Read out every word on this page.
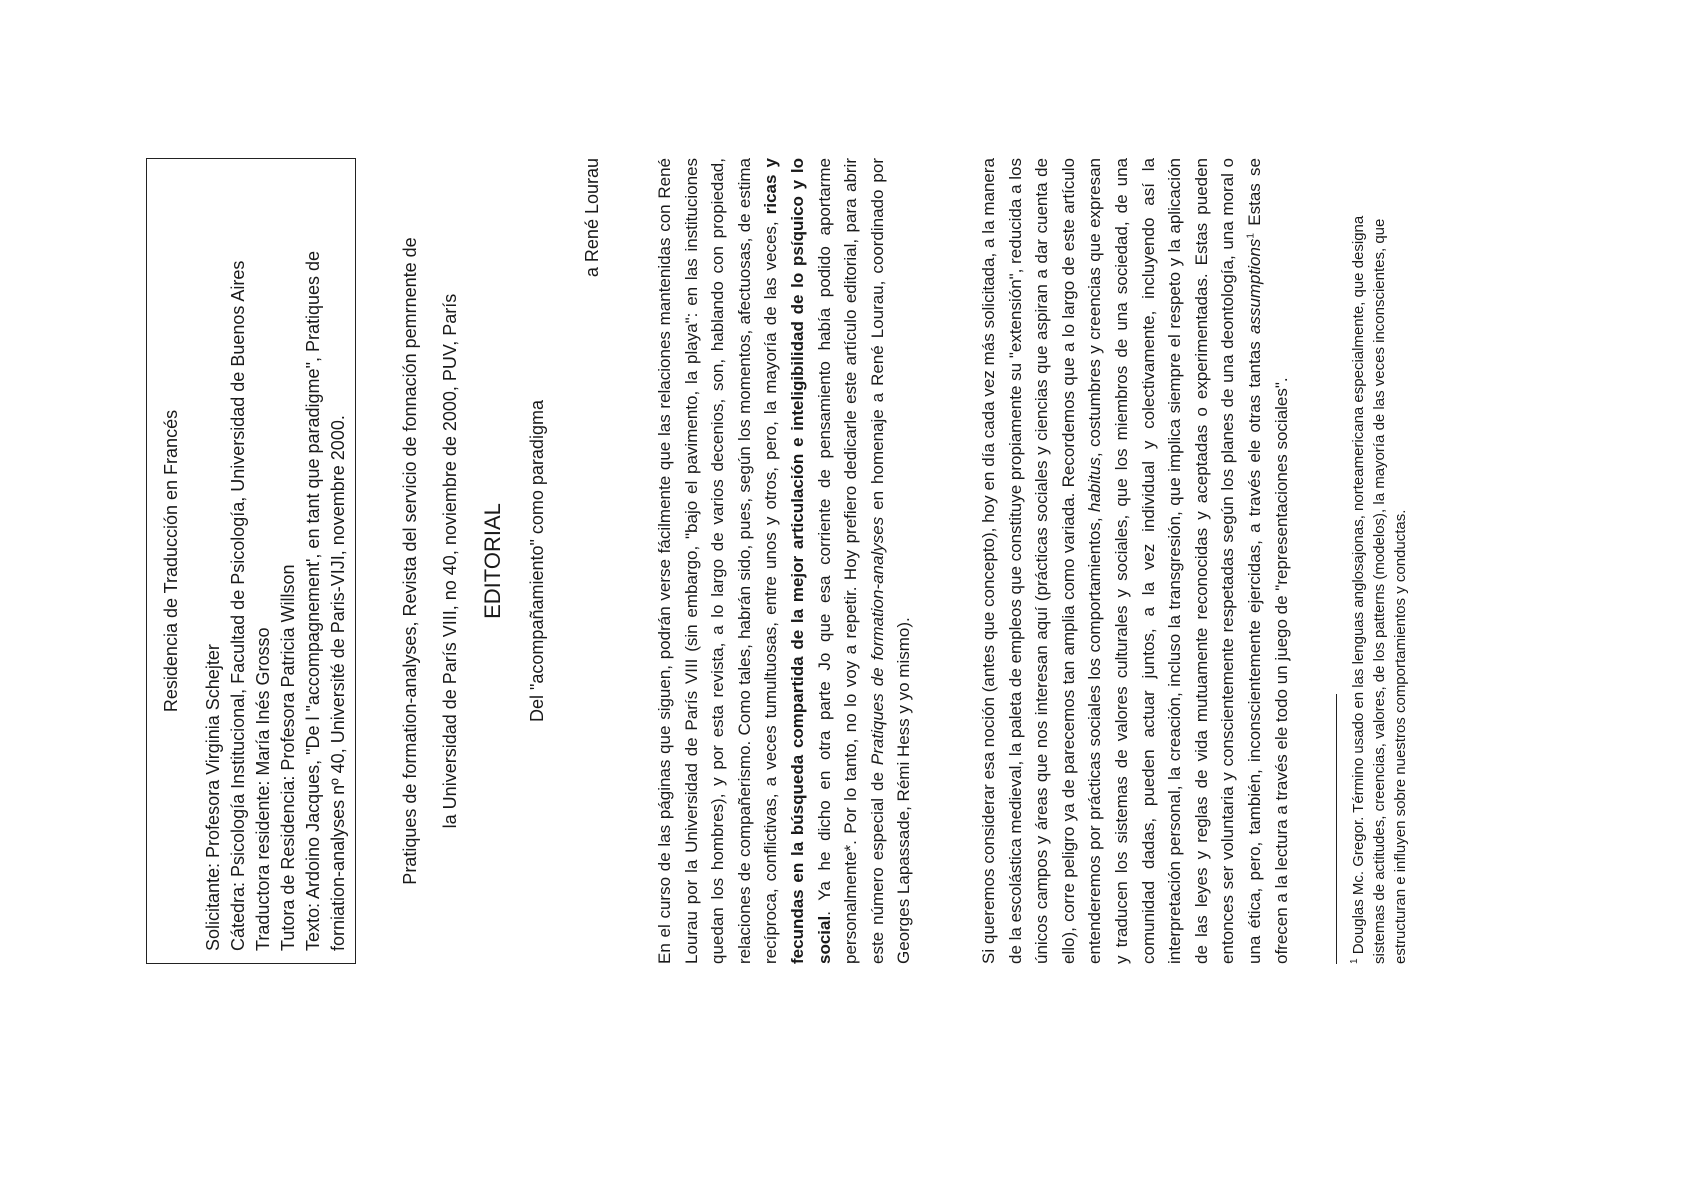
Residencia de Traducción en Francés
Solicitante: Profesora Virginia Schejter Cátedra: Psicología Institucional, Facultad de Psicología, Universidad de Buenos Aires Traductora residente: María Inés Grosso Tutora de Residencia: Profesora Patricia Willson Texto: Ardoino Jacques, "De l "accompagnement', en tant que paradigme", Pratiques de forniation-analyses nº 40, Université de Paris-VIJI, novembre 2000.	Pratiques de formation-analyses, Revista del servicio de fonnación pemrnente de la Universidad de París VIII, no 40, noviembre de 2000, PUV, París EDITORIAL Del "acompañamiento" como paradigma
a René Lourau	En el curso de las páginas que siguen, podrán verse fácilmente que las relaciones mantenidas con René Lourau por la Universidad de París VIII (sin embargo, "bajo el pavimento, la playa": en las instituciones quedan los hombres), y por esta revista, a lo largo de varios decenios, son, hablando con propiedad, relaciones de compañerismo. Como tales, habrán sido, pues, según los momentos, afectuosas, de estima recíproca, conflictivas, a veces tumultuosas, entre unos y otros, pero, la mayoría de las veces, ricas y fecundas en la búsqueda compartida de la mejor articulación e inteligibilidad de lo psíquico y lo social. Ya he dicho en otra parte Jo que esa corriente de pensamiento había podido aportarme personalmente*. Por lo tanto, no lo voy a repetir. Hoy prefiero dedicarle este artículo editorial, para abrir este número especial de Pratiques de formation-analyses en homenaje a René Lourau, coordinado por Georges Lapassade, Rémi Hess y yo mismo).	Si queremos considerar esa noción (antes que concepto), hoy en día cada vez más solicitada, a la manera de la escolástica medieval, la paleta de empleos que constituye propiamente su "extensión", reducida a los únicos campos y áreas que nos interesan aquí (prácticas sociales y ciencias que aspiran a dar cuenta de ello), corre peligro ya de parecemos tan amplia como variada. Recordemos que a lo largo de este artículo entenderemos por prácticas sociales los comportamientos, habitus, costumbres y creencias que expresan y traducen los sistemas de valores culturales y sociales, que los miembros de una sociedad, de una comunidad dadas, pueden actuar juntos, a la vez individual y colectivamente, incluyendo así la interpretación personal, la creación, incluso la transgresión, que implica siempre el respeto y la aplicación de las leyes y reglas de vida mutuamente reconocidas y aceptadas o experimentadas. Estas pueden entonces ser voluntaria y conscientemente respetadas según los planes de una deontología, una moral o una ética, pero, también, inconscientemente ejercidas, a través ele otras tantas assumptions$^1$ Estas se ofrecen a la lectura a través ele todo un juego de "representaciones sociales".	$^1$ Douglas Mc. Gregor. Término usado en las lenguas anglosajonas, norteamericana especialmente, que designa sistemas de actitudes, creencias, valores, de los patterns (modelos), la mayoría de las veces inconscientes, que estructuran e influyen sobre nuestros comportamientos y conductas.
